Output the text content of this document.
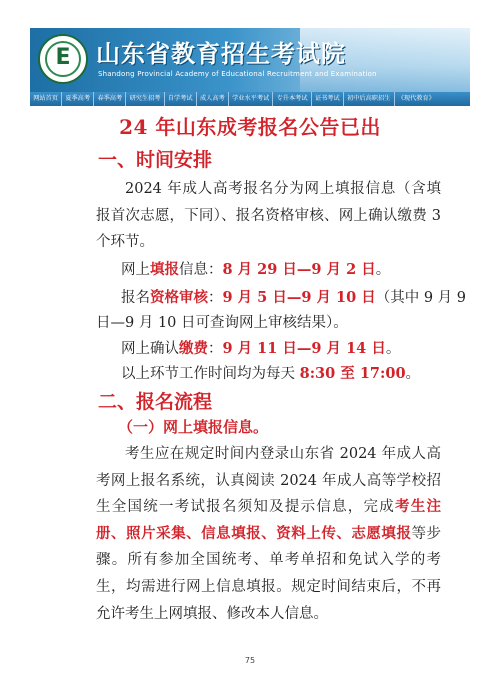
E	山东省教育招生考试院
Shandong Provincial Academy of Educational Recruitment and Examination
网站首页	夏季高考	春季高考	研究生招考	自学考试	成人高考	学业水平考试	专升本考试	证书考试	初中后高职招生	《现代教育》
24 年山东成考报名公告已出
一、时间安排
2024 年成人高考报名分为网上填报信息（含填报首次志愿，下同）、报名资格审核、网上确认缴费 3 个环节。
网上填报信息：8 月 29 日—9 月 2 日。
报名资格审核：9 月 5 日—9 月 10 日（其中 9 月 9
日—9 月 10 日可查询网上审核结果）。
网上确认缴费：9 月 11 日—9 月 14 日。
以上环节工作时间均为每天 8:30 至 17:00。
二、报名流程
（一）网上填报信息。
考生应在规定时间内登录山东省 2024 年成人高考网上报名系统，认真阅读 2024 年成人高等学校招生全国统一考试报名须知及提示信息，完成考生注册、照片采集、信息填报、资料上传、志愿填报等步骤。所有参加全国统考、单考单招和免试入学的考生，均需进行网上信息填报。规定时间结束后，不再允许考生上网填报、修改本人信息。
75
